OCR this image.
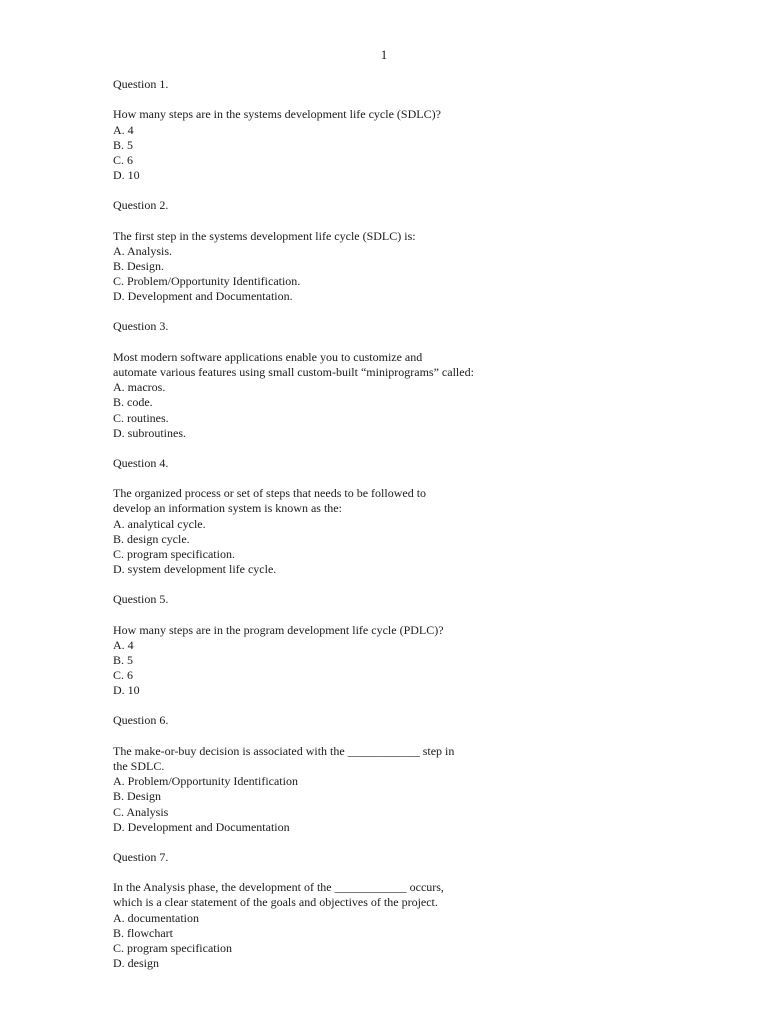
1

Question 1.

How many steps are in the systems development life cycle (SDLC)?

A. 4

B. 5

C. 6

D. 10

Question 2.

The first step in the systems development life cycle (SDLC) is:

A. Analysis.

B. Design.

C. Problem/Opportunity Identification.

D. Development and Documentation.

Question 3.

Most modern software applications enable you to customize and
automate various features using small custom-built “miniprograms” called:

A. macros.

B. code.

C. routines.

D. subroutines.

Question 4.

The organized process or set of steps that needs to be followed to
develop an information system is known as the:

A. analytical cycle.

B. design cycle.

C. program specification.

D. system development life cycle.

Question 5.

How many steps are in the program development life cycle (PDLC)?

A. 4

B. 5

C. 6

D. 10

Question 6.

The make-or-buy decision is associated with the ____________ step in
the SDLC.

A. Problem/Opportunity Identification

B. Design

C. Analysis

D. Development and Documentation

Question 7.

In the Analysis phase, the development of the ____________ occurs,
which is a clear statement of the goals and objectives of the project.

A. documentation

B. flowchart

C. program specification

D. design
